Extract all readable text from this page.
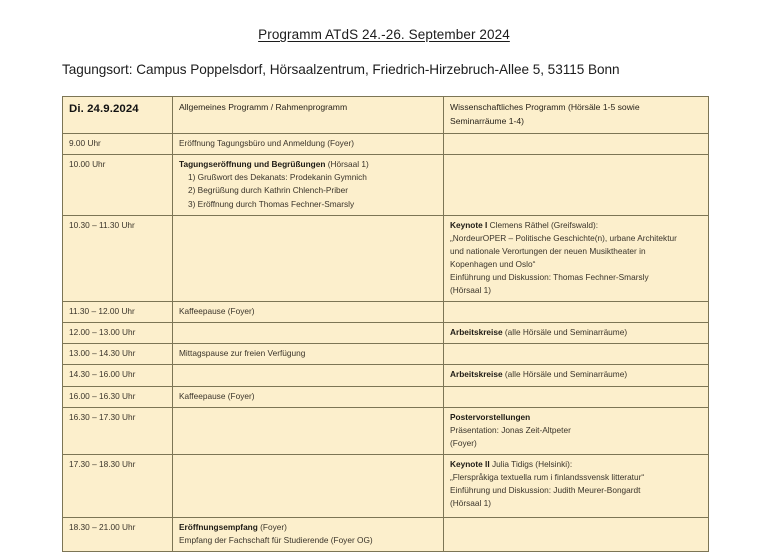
Programm ATdS 24.-26. September 2024
Tagungsort: Campus Poppelsdorf, Hörsaalzentrum, Friedrich-Hirzebruch-Allee 5, 53115 Bonn
Di. 24.9.2024	Allgemeines Programm / Rahmenprogramm	Wissenschaftliches Programm (Hörsäle 1-5 sowie
Seminarräume 1-4)

9.00 Uhr	Eröffnung Tagungsbüro und Anmeldung (Foyer)	

10.00 Uhr	Tagungseröffnung und Begrüßungen (Hörsaal 1)
1) Grußwort des Dekanats: Prodekanin Gymnich
2) Begrüßung durch Kathrin Chlench-Priber
3) Eröffnung durch Thomas Fechner-Smarsly	

10.30 – 11.30 Uhr		Keynote I Clemens Räthel (Greifswald):
„NordeurOPER – Politische Geschichte(n), urbane Architektur
und nationale Verortungen der neuen Musiktheater in
Kopenhagen und Oslo“
Einführung und Diskussion: Thomas Fechner-Smarsly
(Hörsaal 1)

11.30 – 12.00 Uhr	Kaffeepause (Foyer)	

12.00 – 13.00 Uhr		Arbeitskreise (alle Hörsäle und Seminarräume)

13.00 – 14.30 Uhr	Mittagspause zur freien Verfügung	

14.30 – 16.00 Uhr		Arbeitskreise (alle Hörsäle und Seminarräume)

16.00 – 16.30 Uhr	Kaffeepause (Foyer)	

16.30 – 17.30 Uhr		Postervorstellungen
Präsentation: Jonas Zeit-Altpeter
(Foyer)

17.30 – 18.30 Uhr		Keynote II Julia Tidigs (Helsinki):
„Flerspråkiga textuella rum i finlandssvensk litteratur“
Einführung und Diskussion: Judith Meurer-Bongardt
(Hörsaal 1)

18.30 – 21.00 Uhr	Eröffnungsempfang (Foyer)
Empfang der Fachschaft für Studierende (Foyer OG)	
